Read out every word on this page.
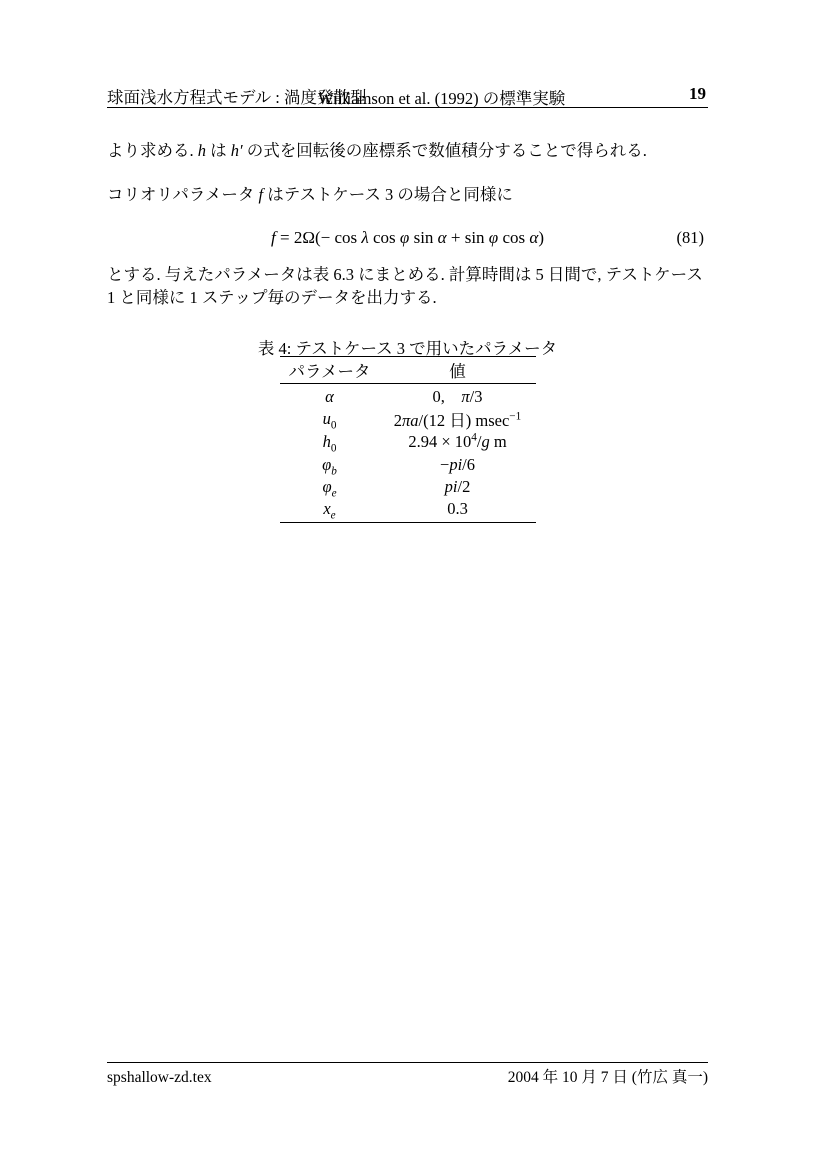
球面浅水方程式モデル : 渦度発散型
Williamson et al. (1992) の標準実験	19

より求める. h は h′ の式を回転後の座標系で数値積分することで得られる.

コリオリパラメータ f はテストケース 3 の場合と同様に

f = 2Ω(− cos λ cos φ sin α + sin φ cos α)	(81)

とする. 与えたパラメータは表 6.3 にまとめる. 計算時間は 5 日間で, テストケース 1 と同様に 1 ステップ毎のデータを出力する.

表 4: テストケース 3 で用いたパラメータ
パラメータ	値
α	0, π/3
$u_0$	2πa/(12 日) msec$^{-1}$
$h_0$	$2.94 \times 10^4/g$ m
$\varphi_b$	−pi/6
$\varphi_e$	pi/2
$x_e$	0.3
spshallow-zd.tex	2004 年 10 月 7 日 (竹広 真一)
